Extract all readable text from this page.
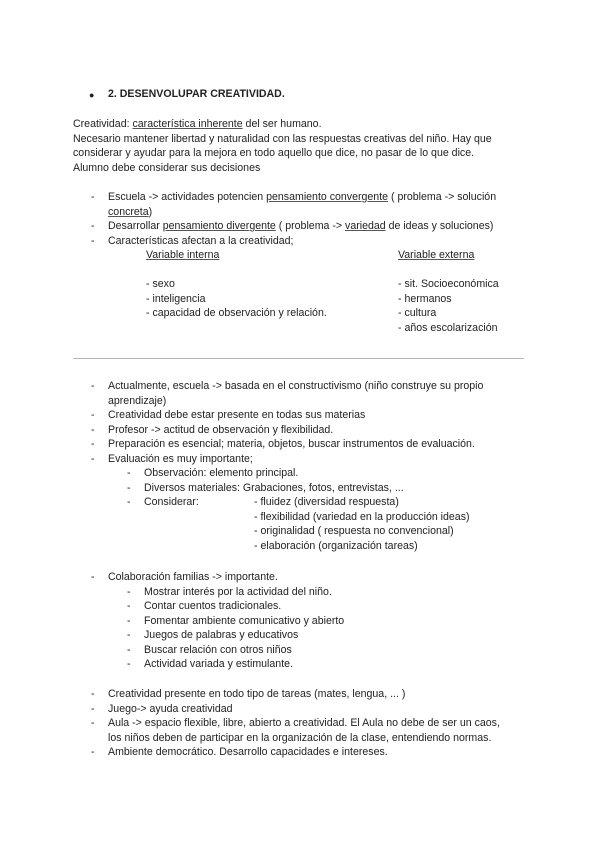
● 2. DESENVOLUPAR CREATIVIDAD.
Creatividad: característica inherente del ser humano.
Necesario mantener libertad y naturalidad con las respuestas creativas del niño. Hay que
considerar y ayudar para la mejora en todo aquello que dice, no pasar de lo que dice.
Alumno debe considerar sus decisiones
- Escuela -> actividades potencien pensamiento convergente ( problema -> solución
concreta)
- Desarrollar pensamiento divergente ( problema -> variedad de ideas y soluciones)
- Características afectan a la creatividad;
Variable interna	Variable externa
- sexo
- inteligencia
- capacidad de observación y relación.
- sit. Socioeconómica
- hermanos
- cultura
- años escolarización
- Actualmente, escuela -> basada en el constructivismo (niño construye su propio
aprendizaje)
- Creatividad debe estar presente en todas sus materias
- Profesor -> actitud de observación y flexibilidad.
- Preparación es esencial; materia, objetos, buscar instrumentos de evaluación.
- Evaluación es muy importante;
- Observación: elemento principal.
- Diversos materiales: Grabaciones, fotos, entrevistas, ...
- Considerar:	- fluidez (diversidad respuesta)
- flexibilidad (variedad en la producción ideas)
- originalidad ( respuesta no convencional)
- elaboración (organización tareas)
- Colaboración familias -> importante.
- Mostrar interés por la actividad del niño.
- Contar cuentos tradicionales.
- Fomentar ambiente comunicativo y abierto
- Juegos de palabras y educativos
- Buscar relación con otros niños
- Actividad variada y estimulante.
- Creatividad presente en todo tipo de tareas (mates, lengua, ... )
- Juego-> ayuda creatividad
- Aula -> espacio flexible, libre, abierto a creatividad. El Aula no debe de ser un caos,
los niños deben de participar en la organización de la clase, entendiendo normas.
- Ambiente democrático. Desarrollo capacidades e intereses.
